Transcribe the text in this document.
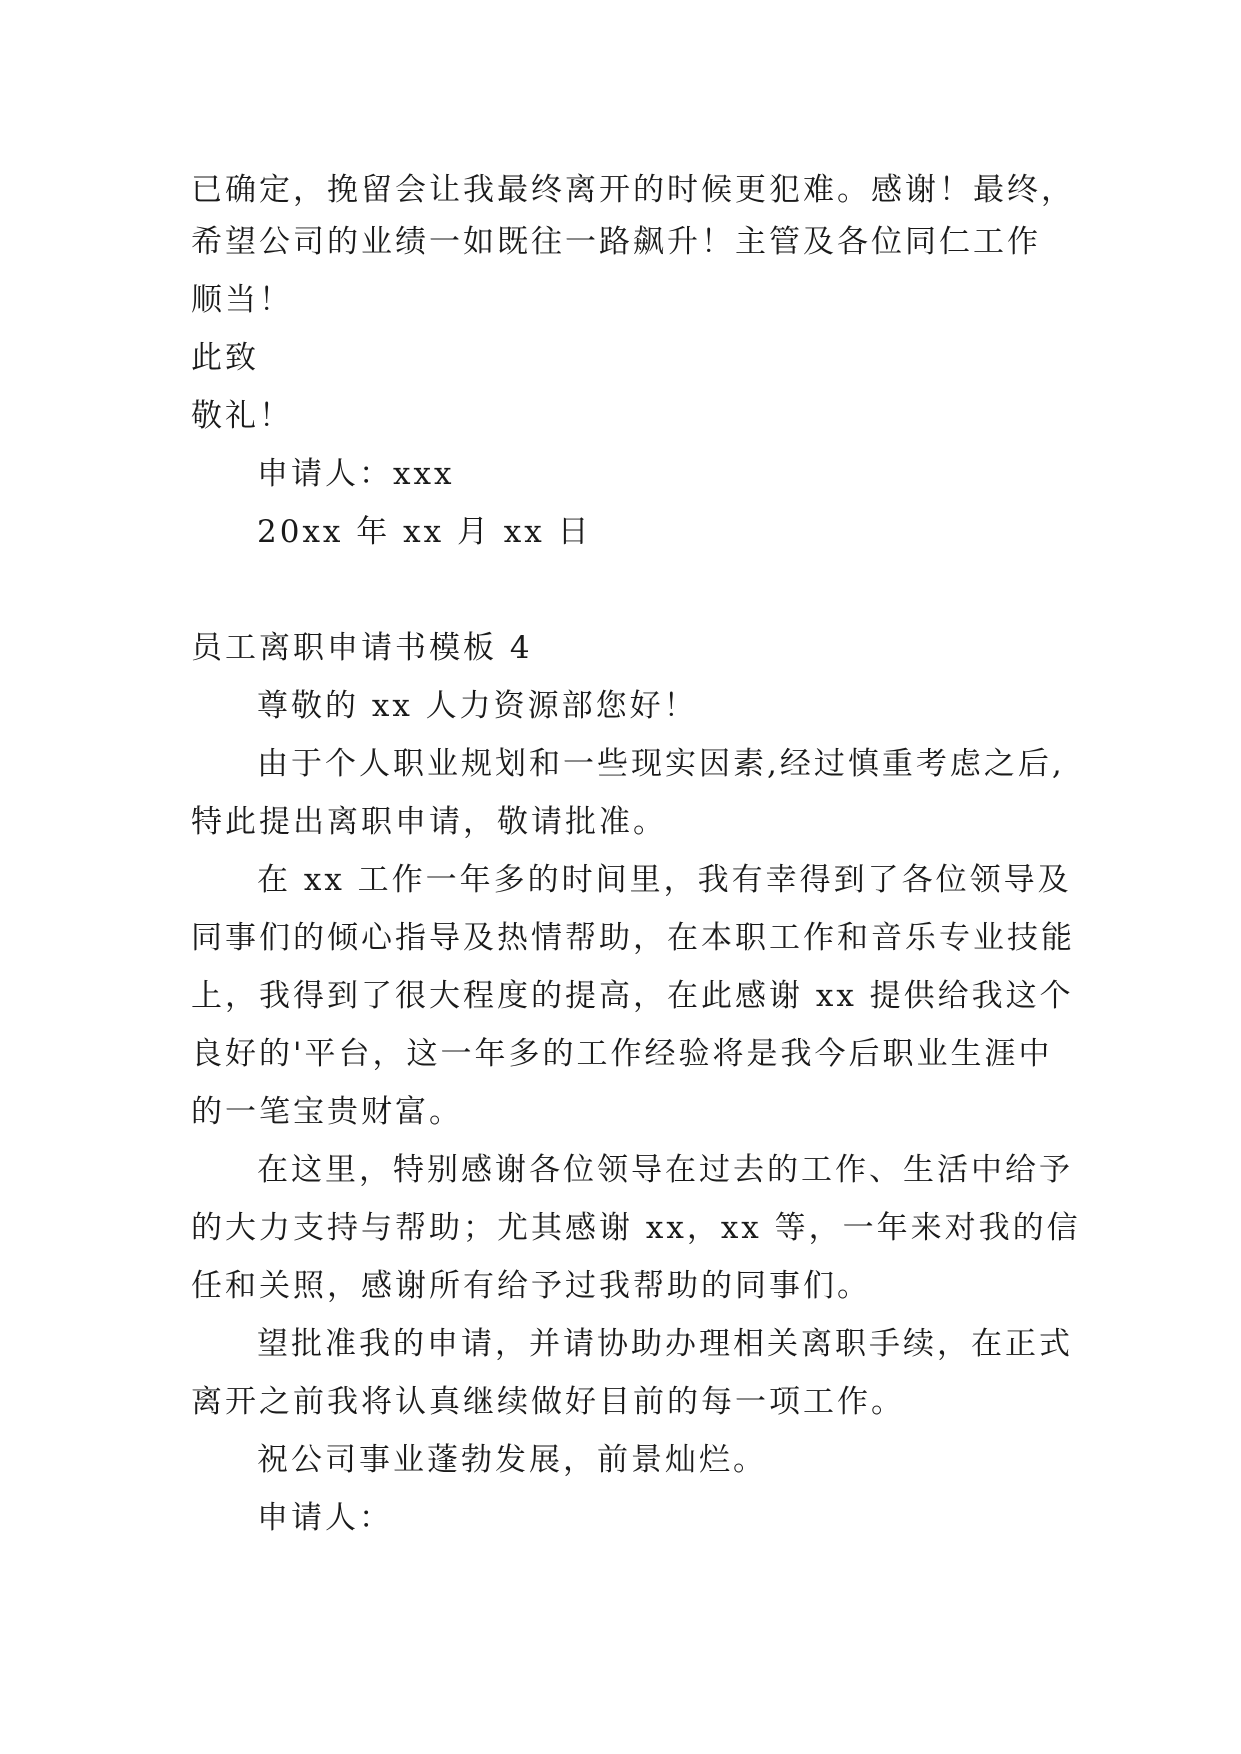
已确定，挽留会让我最终离开的时候更犯难。感谢！最终，
希望公司的业绩一如既往一路飙升！主管及各位同仁工作
顺当！
此致
敬礼！
申请人：xxx
20xx 年 xx 月 xx 日
员工离职申请书模板 4
尊敬的 xx 人力资源部您好！
由于个人职业规划和一些现实因素,经过慎重考虑之后,
特此提出离职申请，敬请批准。
在 xx 工作一年多的时间里，我有幸得到了各位领导及
同事们的倾心指导及热情帮助，在本职工作和音乐专业技能
上，我得到了很大程度的提高，在此感谢 xx 提供给我这个
良好的'平台，这一年多的工作经验将是我今后职业生涯中
的一笔宝贵财富。
在这里，特别感谢各位领导在过去的工作、生活中给予
的大力支持与帮助；尤其感谢 xx，xx 等，一年来对我的信
任和关照，感谢所有给予过我帮助的同事们。
望批准我的申请，并请协助办理相关离职手续，在正式
离开之前我将认真继续做好目前的每一项工作。
祝公司事业蓬勃发展，前景灿烂。
申请人：
